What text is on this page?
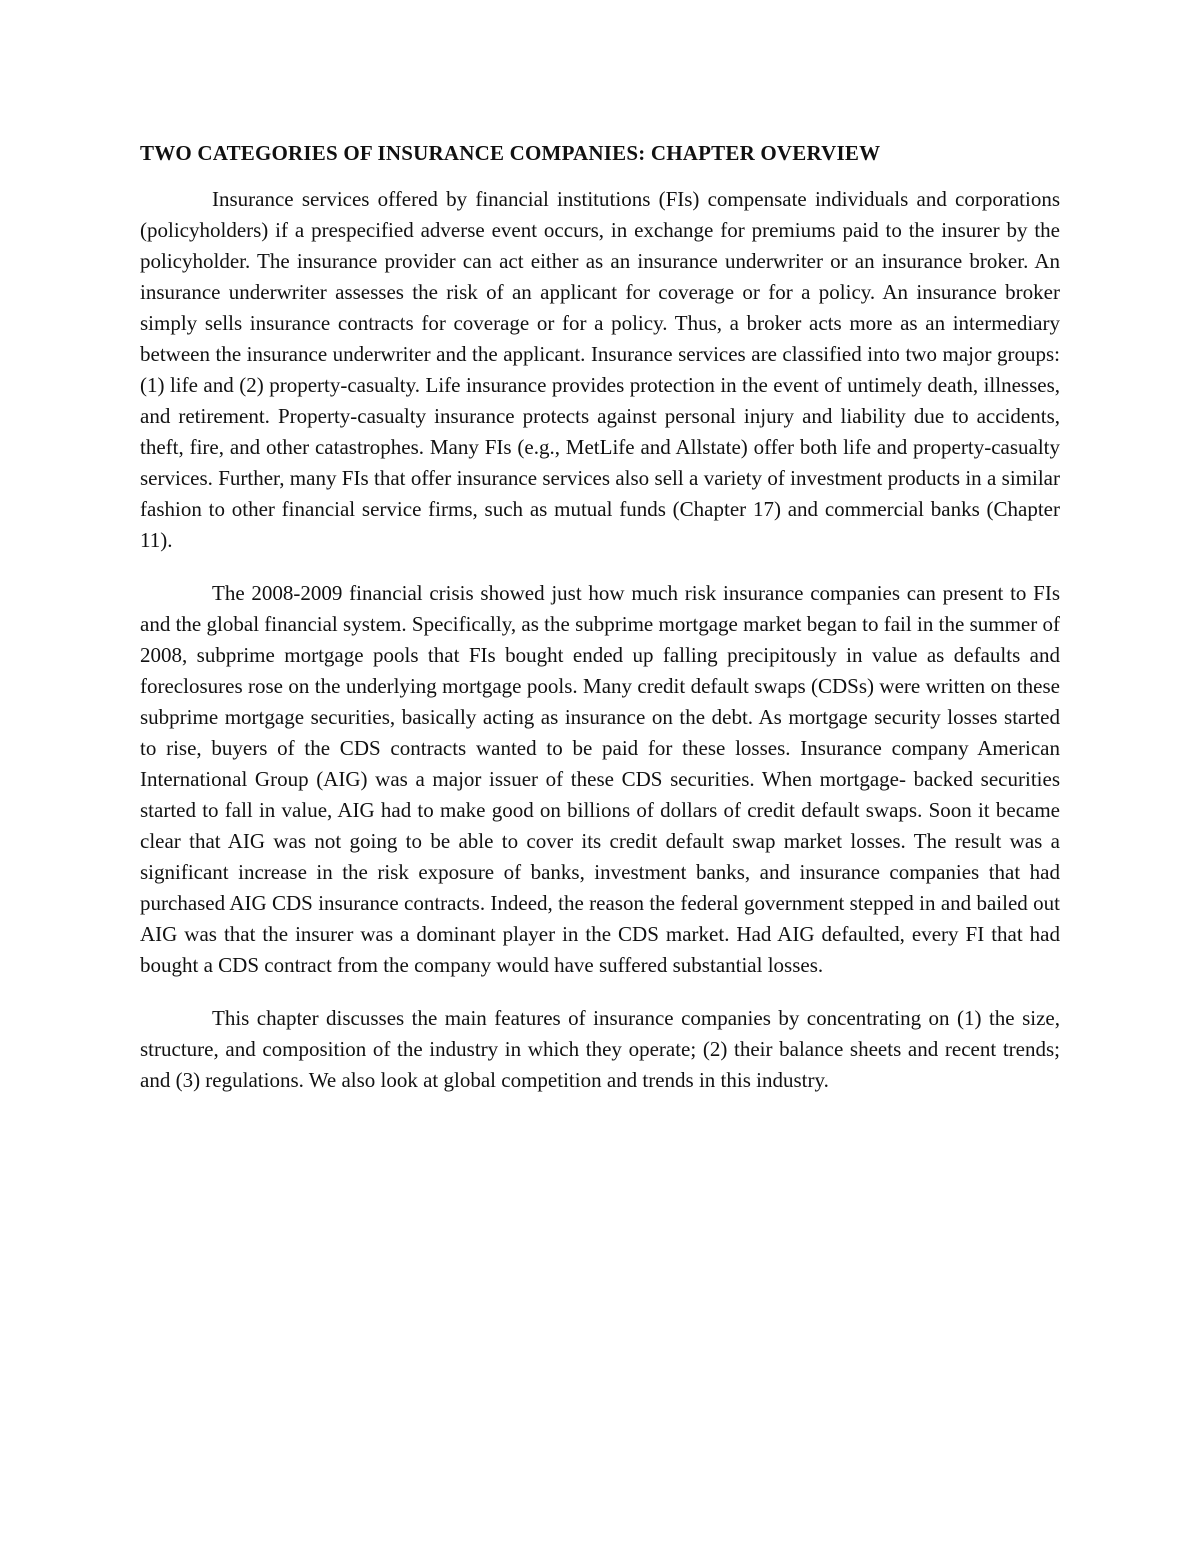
TWO CATEGORIES OF INSURANCE COMPANIES: CHAPTER OVERVIEW

Insurance services offered by financial institutions (FIs) compensate individuals and corporations (policyholders) if a prespecified adverse event occurs, in exchange for premiums paid to the insurer by the policyholder. The insurance provider can act either as an insurance underwriter or an insurance broker. An insurance underwriter assesses the risk of an applicant for coverage or for a policy. An insurance broker simply sells insurance contracts for coverage or for a policy. Thus, a broker acts more as an intermediary between the insurance underwriter and the applicant. Insurance services are classified into two major groups: (1) life and (2) property-casualty. Life insurance provides protection in the event of untimely death, illnesses, and retirement. Property-casualty insurance protects against personal injury and liability due to accidents, theft, fire, and other catastrophes. Many FIs (e.g., MetLife and Allstate) offer both life and property-casualty services. Further, many FIs that offer insurance services also sell a variety of investment products in a similar fashion to other financial service firms, such as mutual funds (Chapter 17) and commercial banks (Chapter 11).

The 2008-2009 financial crisis showed just how much risk insurance companies can present to FIs and the global financial system. Specifically, as the subprime mortgage market began to fail in the summer of 2008, subprime mortgage pools that FIs bought ended up falling precipitously in value as defaults and foreclosures rose on the underlying mortgage pools. Many credit default swaps (CDSs) were written on these subprime mortgage securities, basically acting as insurance on the debt. As mortgage security losses started to rise, buyers of the CDS contracts wanted to be paid for these losses. Insurance company American International Group (AIG) was a major issuer of these CDS securities. When mortgage- backed securities started to fall in value, AIG had to make good on billions of dollars of credit default swaps. Soon it became clear that AIG was not going to be able to cover its credit default swap market losses. The result was a significant increase in the risk exposure of banks, investment banks, and insurance companies that had purchased AIG CDS insurance contracts. Indeed, the reason the federal government stepped in and bailed out AIG was that the insurer was a dominant player in the CDS market. Had AIG defaulted, every FI that had bought a CDS contract from the company would have suffered substantial losses.

This chapter discusses the main features of insurance companies by concentrating on (1) the size, structure, and composition of the industry in which they operate; (2) their balance sheets and recent trends; and (3) regulations. We also look at global competition and trends in this industry.
